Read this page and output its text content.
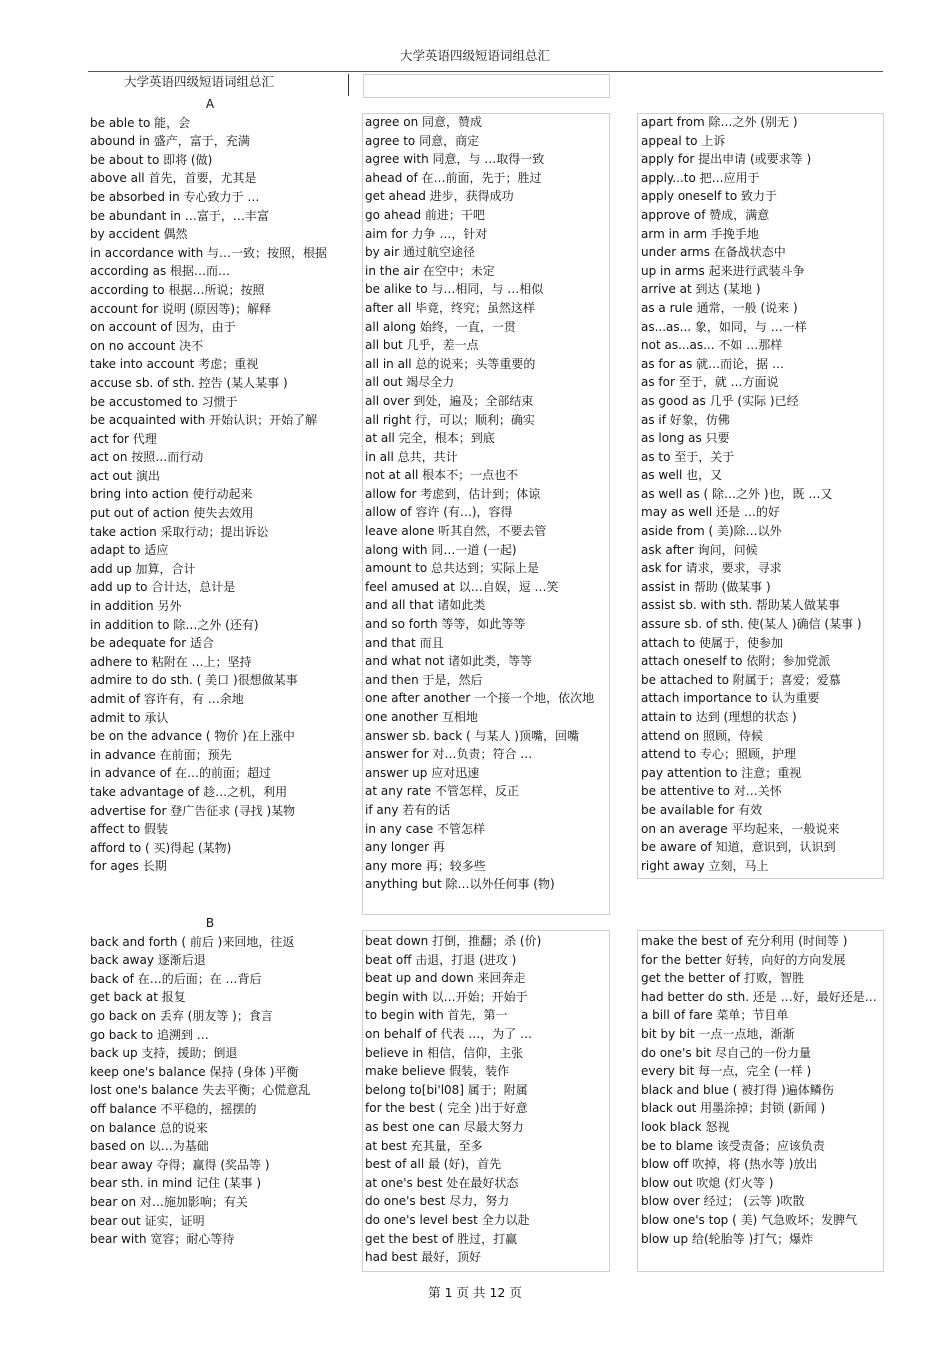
大学英语四级短语词组总汇
大学英语四级短语词组总汇
A
be able to 能，会
abound in 盛产，富于，充满
be about to 即将 (做)
above all 首先，首要，尤其是
be absorbed in 专心致力于 …
be abundant in …富于，…丰富
by accident 偶然
in accordance with 与…一致；按照，根据
according as 根据…而…
according to 根据…所说；按照
account for 说明 (原因等)；解释
on account of 因为，由于
on no account 决不
take into account 考虑；重视
accuse sb. of sth. 控告 (某人某事 )
be accustomed to 习惯于
be acquainted with 开始认识；开始了解
act for 代理
act on 按照…而行动
act out 演出
bring into action 使行动起来
put out of action 使失去效用
take action 采取行动；提出诉讼
adapt to 适应
add up 加算，合计
add up to 合计达，总计是
in addition 另外
in addition to 除…之外 (还有)
be adequate for 适合
adhere to 粘附在 …上；坚持
admire to do sth. ( 美口 )很想做某事
admit of 容许有，有 …余地
admit to 承认
be on the advance ( 物价 )在上涨中
in advance 在前面；预先
in advance of 在…的前面；超过
take advantage of 趁…之机，利用
advertise for 登广告征求 (寻找 )某物
affect to 假装
afford to ( 买)得起 (某物)
for ages 长期
agree on 同意，赞成
agree to 同意，商定
agree with 同意，与 …取得一致
ahead of 在…前面，先于；胜过
get ahead 进步，获得成功
go ahead 前进；干吧
aim for 力争 …，针对
by air 通过航空途径
in the air 在空中；未定
be alike to 与…相同，与 …相似
after all 毕竟，终究；虽然这样
all along 始终，一直，一贯
all but 几乎，差一点
all in all 总的说来；头等重要的
all out 竭尽全力
all over 到处，遍及；全部结束
all right 行，可以；顺利；确实
at all 完全，根本；到底
in all 总共，共计
not at all 根本不；一点也不
allow for 考虑到，估计到；体谅
allow of 容许 (有…)，容得
leave alone 听其自然，不要去管
along with 同…一道 (一起)
amount to 总共达到；实际上是
feel amused at 以…自娱，逗 …笑
and all that 诸如此类
and so forth 等等，如此等等
and that 而且
and what not 诸如此类，等等
and then 于是，然后
one after another 一个接一个地，依次地
one another 互相地
answer sb. back ( 与某人 )顶嘴，回嘴
answer for 对…负责；符合 …
answer up 应对迅速
at any rate 不管怎样，反正
if any 若有的话
in any case 不管怎样
any longer 再
any more 再；较多些
anything but 除…以外任何事 (物)
apart from 除…之外 (别无 )
appeal to 上诉
apply for 提出申请 (或要求等 )
apply...to 把…应用于
apply oneself to 致力于
approve of 赞成，满意
arm in arm 手挽手地
under arms 在备战状态中
up in arms 起来进行武装斗争
arrive at 到达 (某地 )
as a rule 通常，一般 (说来 )
as...as... 象，如同，与 …一样
not as...as... 不如 …那样
as for as 就…而论，据 …
as for 至于，就 …方面说
as good as 几乎 (实际 )已经
as if 好象，仿佛
as long as 只要
as to 至于，关于
as well 也，又
as well as ( 除…之外 )也，既 …又
may as well 还是 …的好
aside from ( 美)除…以外
ask after 询问，问候
ask for 请求，要求，寻求
assist in 帮助 (做某事 )
assist sb. with sth. 帮助某人做某事
assure sb. of sth. 使(某人 )确信 (某事 )
attach to 使属于，使参加
attach oneself to 依附；参加党派
be attached to 附属于；喜爱；爱慕
attach importance to 认为重要
attain to 达到 (理想的状态 )
attend on 照顾，侍候
attend to 专心；照顾，护理
pay attention to 注意；重视
be attentive to 对…关怀
be available for 有效
on an average 平均起来，一般说来
be aware of 知道，意识到，认识到
right away 立刻，马上
B
back and forth ( 前后 )来回地，往返
back away 逐渐后退
back of 在…的后面；在 …背后
get back at 报复
go back on 丢弃 (朋友等 )；食言
go back to 追溯到 …
back up 支持，援助；倒退
keep one's balance 保持 (身体 )平衡
lost one's balance 失去平衡；心慌意乱
off balance 不平稳的，摇摆的
on balance 总的说来
based on 以…为基础
bear away 夺得；赢得 (奖品等 )
bear sth. in mind 记住 (某事 )
bear on 对…施加影响；有关
bear out 证实，证明
bear with 宽容；耐心等待
beat down 打倒，推翻；杀 (价)
beat off 击退，打退 (进攻 )
beat up and down 来回奔走
begin with 以…开始；开始于
to begin with 首先，第一
on behalf of 代表 …，为了 …
believe in 相信，信仰，主张
make believe 假装，装作
belong to[bi'l08] 属于；附属
for the best ( 完全 )出于好意
as best one can 尽最大努力
at best 充其量，至多
best of all 最 (好)，首先
at one's best 处在最好状态
do one's best 尽力，努力
do one's level best 全力以赴
get the best of 胜过，打赢
had best 最好，顶好
make the best of 充分利用 (时间等 )
for the better 好转，向好的方向发展
get the better of 打败，智胜
had better do sth. 还是 …好，最好还是…
a bill of fare 菜单；节目单
bit by bit 一点一点地，渐渐
do one's bit 尽自己的一份力量
every bit 每一点，完全 (一样 )
black and blue ( 被打得 )遍体鳞伤
black out 用墨涂掉；封锁 (新闻 )
look black 怒视
be to blame 该受责备；应该负责
blow off 吹掉，将 (热水等 )放出
blow out 吹熄 (灯火等 )
blow over 经过； (云等 )吹散
blow one's top ( 美) 气急败坏；发脾气
blow up 给(轮胎等 )打气；爆炸
第 1 页 共 12 页
